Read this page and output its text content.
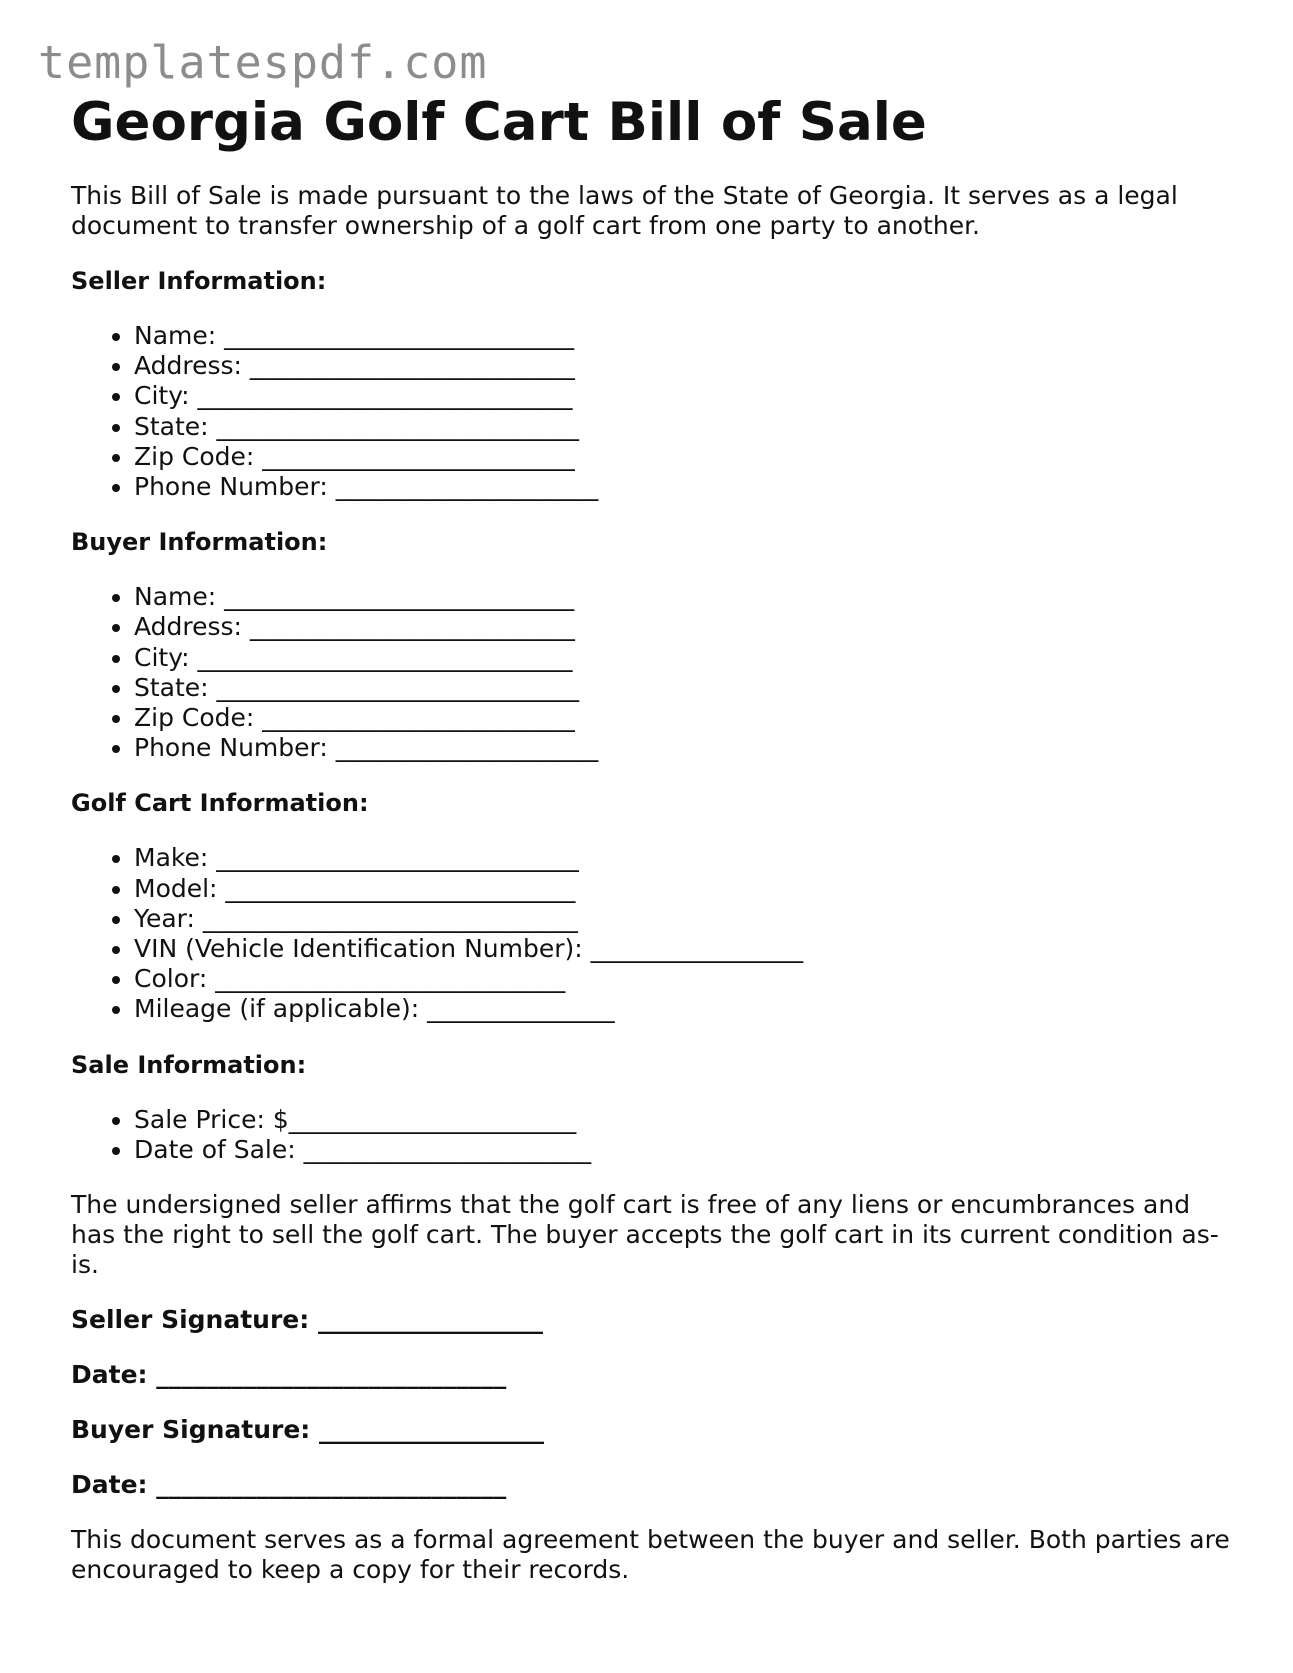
templatespdf.com
Georgia Golf Cart Bill of Sale

This Bill of Sale is made pursuant to the laws of the State of Georgia. It serves as a legal document to transfer ownership of a golf cart from one party to another.

Seller Information:
• Name: ____________________________
• Address: __________________________
• City: ______________________________
• State: _____________________________
• Zip Code: _________________________
• Phone Number: _____________________
Buyer Information:
• Name: ____________________________
• Address: __________________________
• City: ______________________________
• State: _____________________________
• Zip Code: _________________________
• Phone Number: _____________________
Golf Cart Information:
• Make: _____________________________
• Model: ____________________________
• Year: ______________________________
• VIN (Vehicle Identification Number): _________________
• Color: ____________________________
• Mileage (if applicable): _______________
Sale Information:
• Sale Price: $_______________________
• Date of Sale: _______________________

The undersigned seller affirms that the golf cart is free of any liens or encumbrances and has the right to sell the golf cart. The buyer accepts the golf cart in its current condition as-is.

Seller Signature: __________________

Date: ____________________________

Buyer Signature: __________________

Date: ____________________________

This document serves as a formal agreement between the buyer and seller. Both parties are encouraged to keep a copy for their records.
